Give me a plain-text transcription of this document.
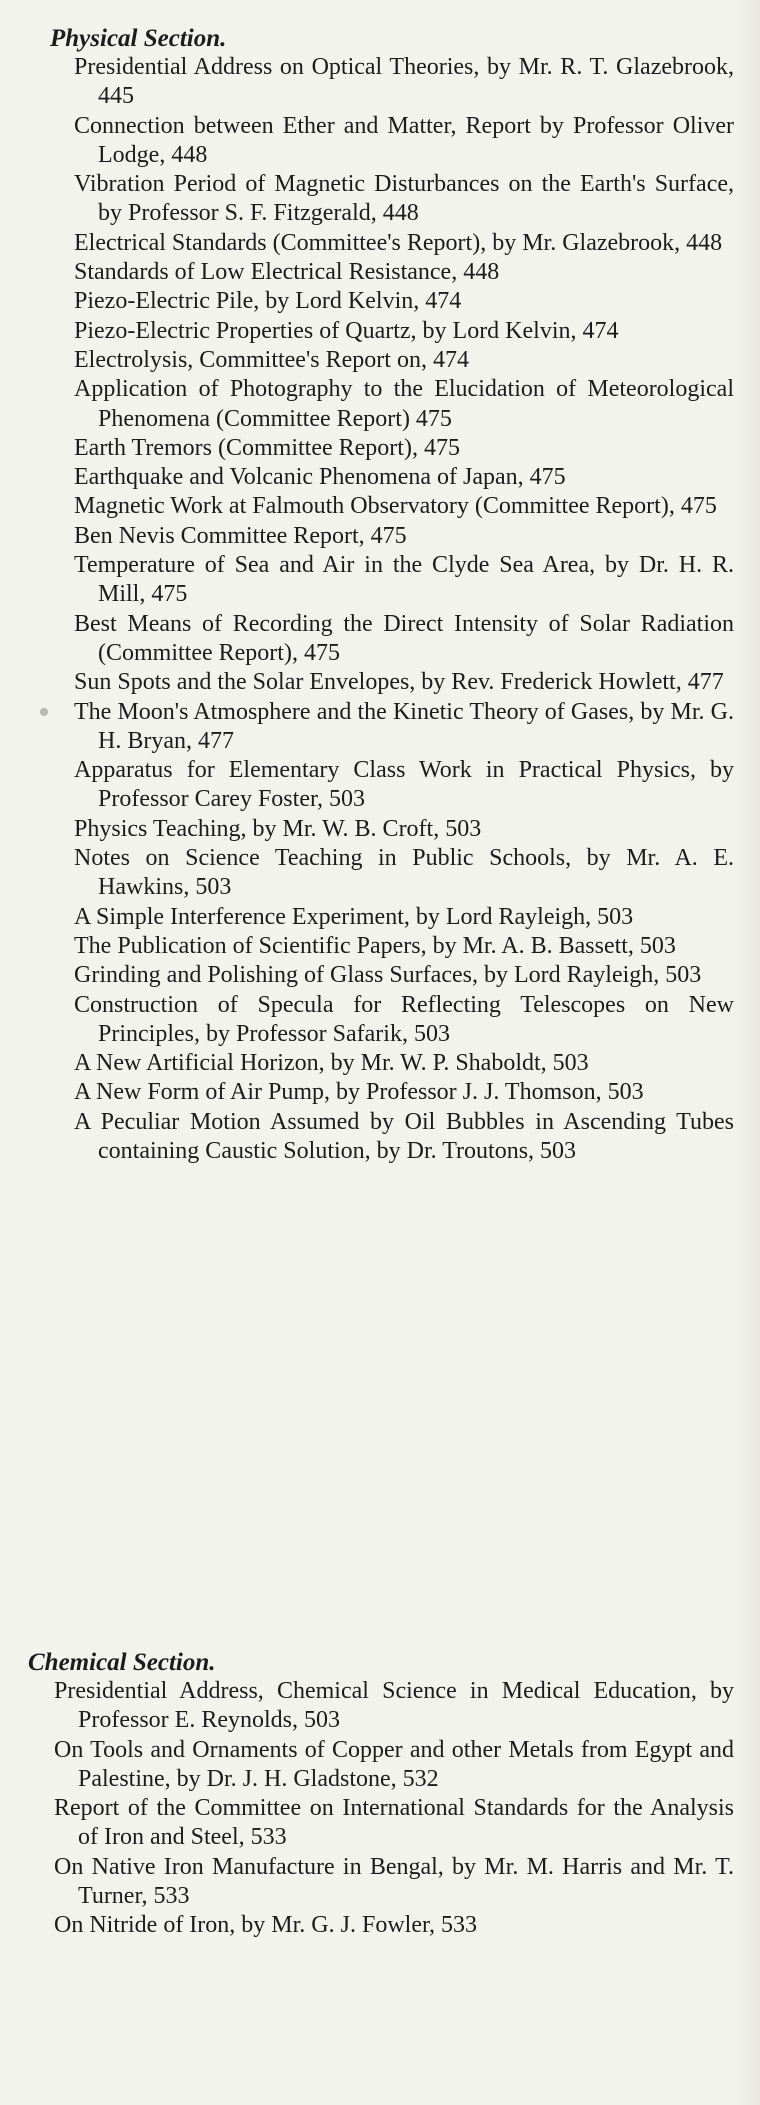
Physical Section.
Presidential Address on Optical Theories, by Mr. R. T. Glazebrook, 445
Connection between Ether and Matter, Report by Professor Oliver Lodge, 448
Vibration Period of Magnetic Disturbances on the Earth's Surface, by Professor S. F. Fitzgerald, 448
Electrical Standards (Committee's Report), by Mr. Glazebrook, 448
Standards of Low Electrical Resistance, 448
Piezo-Electric Pile, by Lord Kelvin, 474
Piezo-Electric Properties of Quartz, by Lord Kelvin, 474
Electrolysis, Committee's Report on, 474
Application of Photography to the Elucidation of Meteorological Phenomena (Committee Report) 475
Earth Tremors (Committee Report), 475
Earthquake and Volcanic Phenomena of Japan, 475
Magnetic Work at Falmouth Observatory (Committee Report), 475
Ben Nevis Committee Report, 475
Temperature of Sea and Air in the Clyde Sea Area, by Dr. H. R. Mill, 475
Best Means of Recording the Direct Intensity of Solar Radiation (Committee Report), 475
Sun Spots and the Solar Envelopes, by Rev. Frederick Howlett, 477
The Moon's Atmosphere and the Kinetic Theory of Gases, by Mr. G. H. Bryan, 477
Apparatus for Elementary Class Work in Practical Physics, by Professor Carey Foster, 503
Physics Teaching, by Mr. W. B. Croft, 503
Notes on Science Teaching in Public Schools, by Mr. A. E. Hawkins, 503
A Simple Interference Experiment, by Lord Rayleigh, 503
The Publication of Scientific Papers, by Mr. A. B. Bassett, 503
Grinding and Polishing of Glass Surfaces, by Lord Rayleigh, 503
Construction of Specula for Reflecting Telescopes on New Principles, by Professor Safarik, 503
A New Artificial Horizon, by Mr. W. P. Shaboldt, 503
A New Form of Air Pump, by Professor J. J. Thomson, 503
A Peculiar Motion Assumed by Oil Bubbles in Ascending Tubes containing Caustic Solution, by Dr. Troutons, 503
Chemical Section.
Presidential Address, Chemical Science in Medical Education, by Professor E. Reynolds, 503
On Tools and Ornaments of Copper and other Metals from Egypt and Palestine, by Dr. J. H. Gladstone, 532
Report of the Committee on International Standards for the Analysis of Iron and Steel, 533
On Native Iron Manufacture in Bengal, by Mr. M. Harris and Mr. T. Turner, 533
On Nitride of Iron, by Mr. G. J. Fowler, 533
